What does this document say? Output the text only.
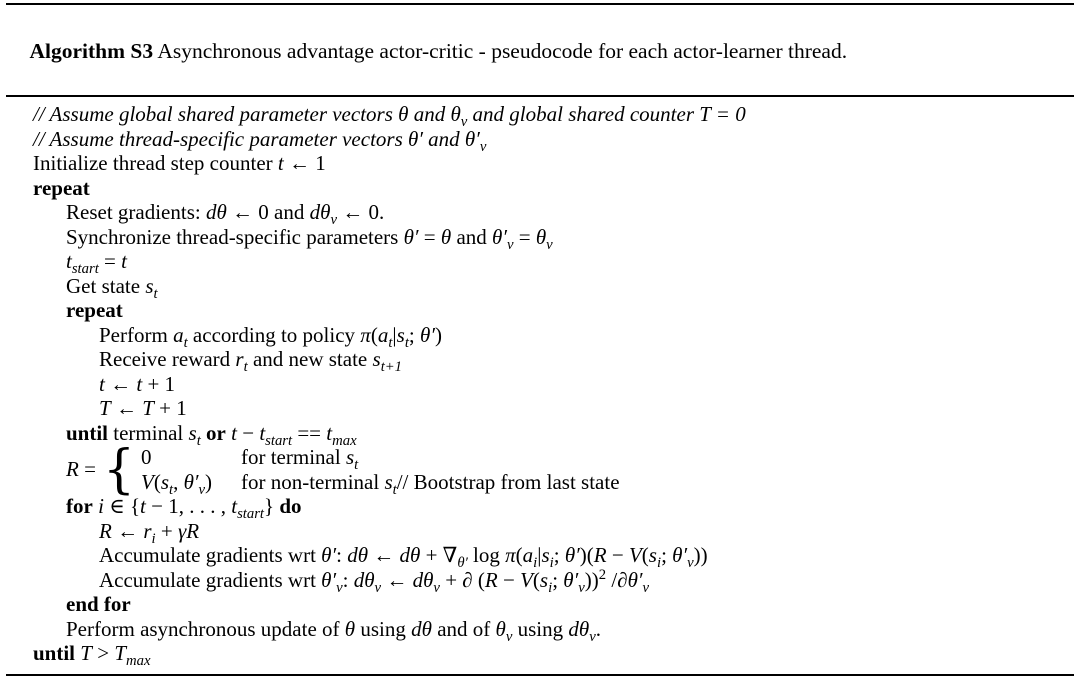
Algorithm S3 Asynchronous advantage actor-critic - pseudocode for each actor-learner thread.

// Assume global shared parameter vectors θ and $\theta_v$ and global shared counter T = 0
// Assume thread-specific parameter vectors θ′ and $\theta'_v$
Initialize thread step counter t ← 1
repeat
Reset gradients: dθ ← 0 and $d\theta_v$ ← 0.
Synchronize thread-specific parameters θ′ = θ and $\theta'_v = \theta_v$
$t_{start} = t$
Get state $s_t$
repeat
Perform $a_t$ according to policy $\pi(a_t|s_t$; θ′)
Receive reward $r_t$ and new state $s_{t+1}$
t ← t + 1
T ← T + 1
until terminal $s_t$ or $t - t_{start} == t_{max}$
R = { 0	for terminal $s_t$
$V(s_t$, $\theta'_v$)	for non-terminal $s_t//$ Bootstrap from last state
for i ∈ {t − 1, . . . , $t_{start}$} do
R ← $r_i + \gamma R$
Accumulate gradients wrt θ′: dθ ← $d\theta + \nabla_{\theta'}$ $\log \pi(a_i|s_i$; $\theta')(R - V(s_i$; $\theta'_v$))
Accumulate gradients wrt $\theta'_v$: $d\theta_v$ ← $d\theta_v$ + ∂ ($R - V(s_i$; $\theta'_v))^2$ $/\partial\theta'_v$
end for
Perform asynchronous update of θ using dθ and of $\theta_v$ using $d\theta_v$.
until $T > T_{max}$
